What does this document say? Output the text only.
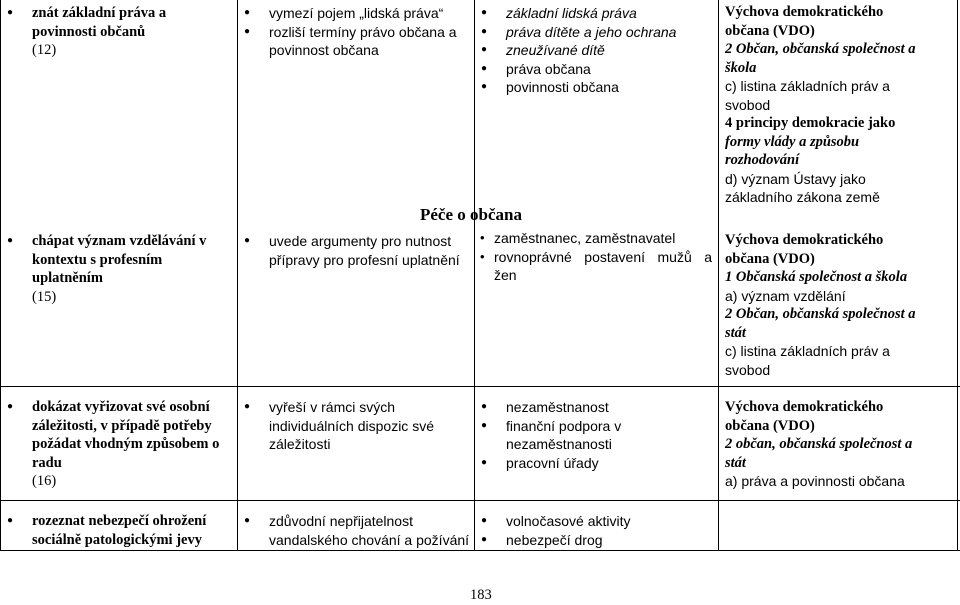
Péče o občana
● znát základní práva a povinnosti občanů
(12)
● vymezí pojem „lidská práva“
● rozliší termíny právo občana a povinnost občana
● základní lidská práva
● práva dítěte a jeho ochrana
● zneužívané dítě
● práva občana
● povinnosti občana

Výchova demokratického

občana (VDO)

2 Občan, občanská společnost a

škola

c) listina základních práv a

svobod

4 principy demokracie jako

formy vlády a způsobu

rozhodování

d) význam Ústavy jako

základního zákona země

● chápat význam vzdělávání v kontextu s profesním uplatněním
(15)
● uvede argumenty pro nutnost přípravy pro profesní uplatnění
• zaměstnanec, zaměstnavatel
• rovnoprávné postavení mužů a žen

Výchova demokratického

občana (VDO)

1 Občanská společnost a škola

a) význam vzdělání

2 Občan, občanská společnost a

stát

c) listina základních práv a

svobod

● dokázat vyřizovat své osobní záležitosti, v případě potřeby požádat vhodným způsobem o radu
(16)
● vyřeší v rámci svých individuálních dispozic své záležitosti
● nezaměstnanost
● finanční podpora v nezaměstnanosti
● pracovní úřady

Výchova demokratického

občana (VDO)

2 občan, občanská společnost a

stát

a) práva a povinnosti občana

● rozeznat nebezpečí ohrožení sociálně patologickými jevy
● zdůvodní nepřijatelnost vandalského chování a požívání
● volnočasové aktivity
● nebezpečí drog
183
